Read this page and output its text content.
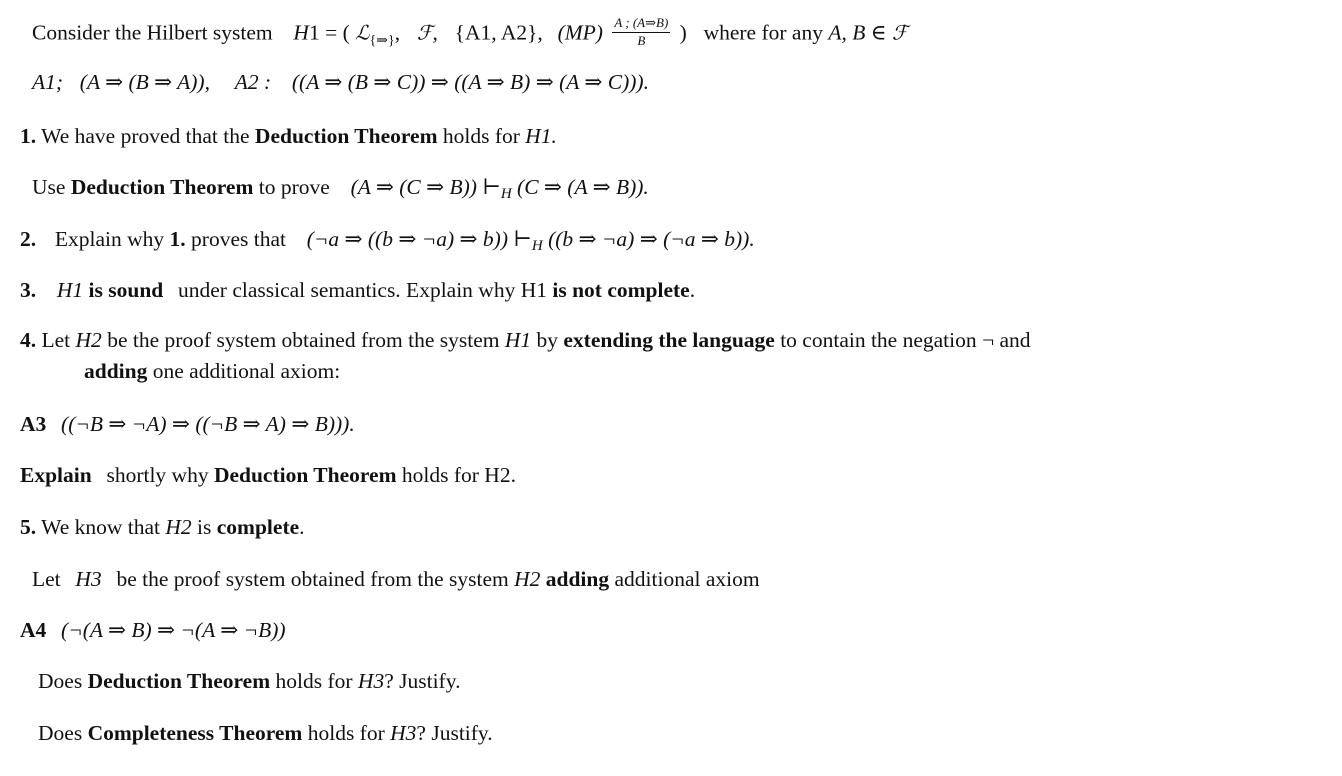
Consider the Hilbert system H1 = ( ℒ$_{\{\Rightarrow\}}$, ℱ, {A1, A2}, $(MP) \frac{A ; (A\Rightarrow B)}{B}$ ) where for any A, B ∈ ℱ
A1; (A ⇒ (B ⇒ A)), A2 : ((A ⇒ (B ⇒ C)) ⇒ ((A ⇒ B) ⇒ (A ⇒ C))).
1. We have proved that the Deduction Theorem holds for H1.
Use Deduction Theorem to prove (A ⇒ (C ⇒ B)) ⊢H (C ⇒ (A ⇒ B)).
2. Explain why 1. proves that (¬a ⇒ ((b ⇒ ¬a) ⇒ b)) ⊢H ((b ⇒ ¬a) ⇒ (¬a ⇒ b)).
3. H1 is sound under classical semantics. Explain why H1 is not complete.
4. Let H2 be the proof system obtained from the system H1 by extending the language to contain the negation ¬ and
adding one additional axiom:
A3 ((¬B ⇒ ¬A) ⇒ ((¬B ⇒ A) ⇒ B))).
Explain shortly why Deduction Theorem holds for H2.
5. We know that H2 is complete.
Let H3 be the proof system obtained from the system H2 adding additional axiom
A4 (¬(A ⇒ B) ⇒ ¬(A ⇒ ¬B))
Does Deduction Theorem holds for H3? Justify.
Does Completeness Theorem holds for H3? Justify.
